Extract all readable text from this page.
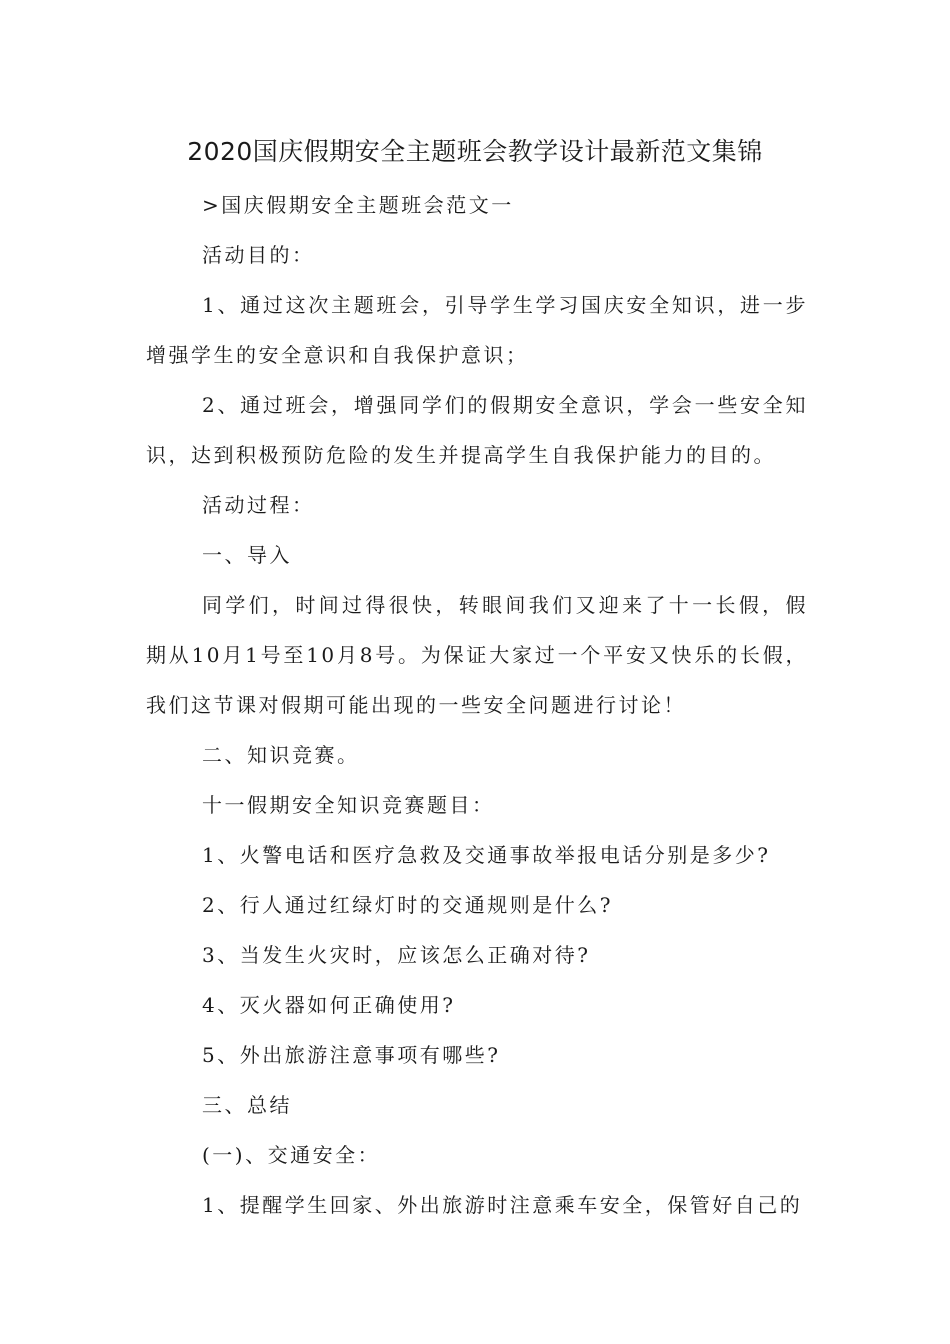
2020国庆假期安全主题班会教学设计最新范文集锦

>国庆假期安全主题班会范文一

活动目的：

1、通过这次主题班会，引导学生学习国庆安全知识，进一步增强学生的安全意识和自我保护意识；

2、通过班会，增强同学们的假期安全意识，学会一些安全知识，达到积极预防危险的发生并提高学生自我保护能力的目的。

活动过程：

一、导入

同学们，时间过得很快，转眼间我们又迎来了十一长假，假期从10月1号至10月8号。为保证大家过一个平安又快乐的长假，我们这节课对假期可能出现的一些安全问题进行讨论！

二、知识竞赛。

十一假期安全知识竞赛题目：

1、火警电话和医疗急救及交通事故举报电话分别是多少?

2、行人通过红绿灯时的交通规则是什么?

3、当发生火灾时，应该怎么正确对待?

4、灭火器如何正确使用?

5、外出旅游注意事项有哪些?

三、总结

(一)、交通安全：

1、提醒学生回家、外出旅游时注意乘车安全，保管好自己的
